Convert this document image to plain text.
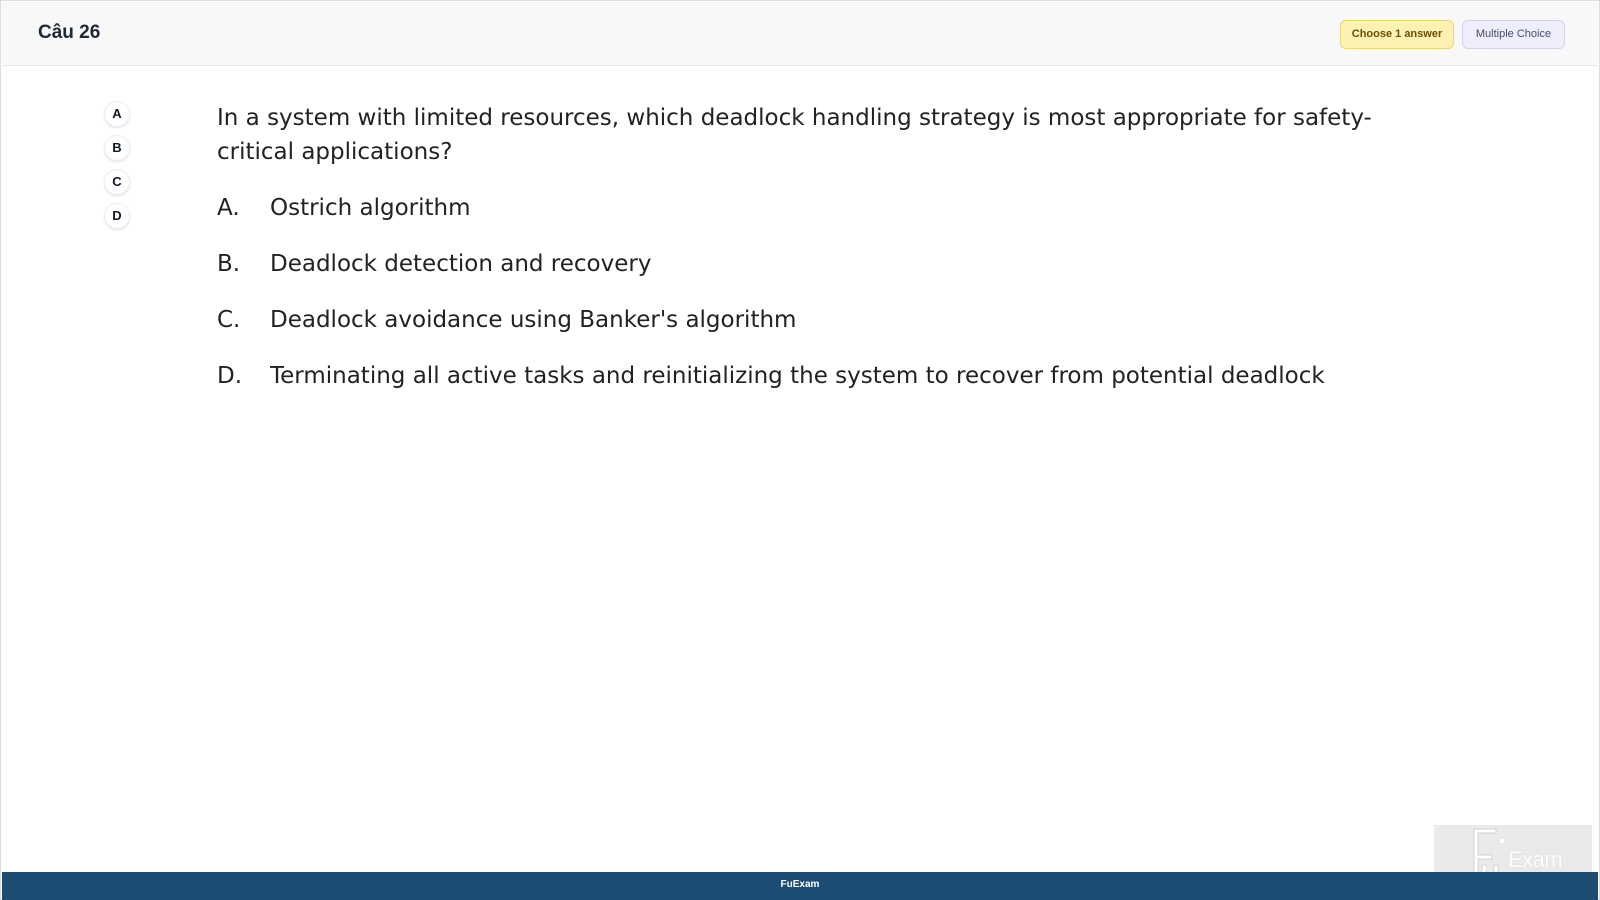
Câu 26	Choose 1 answer	Multiple Choice
A
B
C
D
In a system with limited resources, which deadlock handling strategy is most appropriate for safety-critical applications?
A. Ostrich algorithm
B. Deadlock detection and recovery
C. Deadlock avoidance using Banker's algorithm
D. Terminating all active tasks and reinitializing the system to recover from potential deadlock
Exam
FuExam
